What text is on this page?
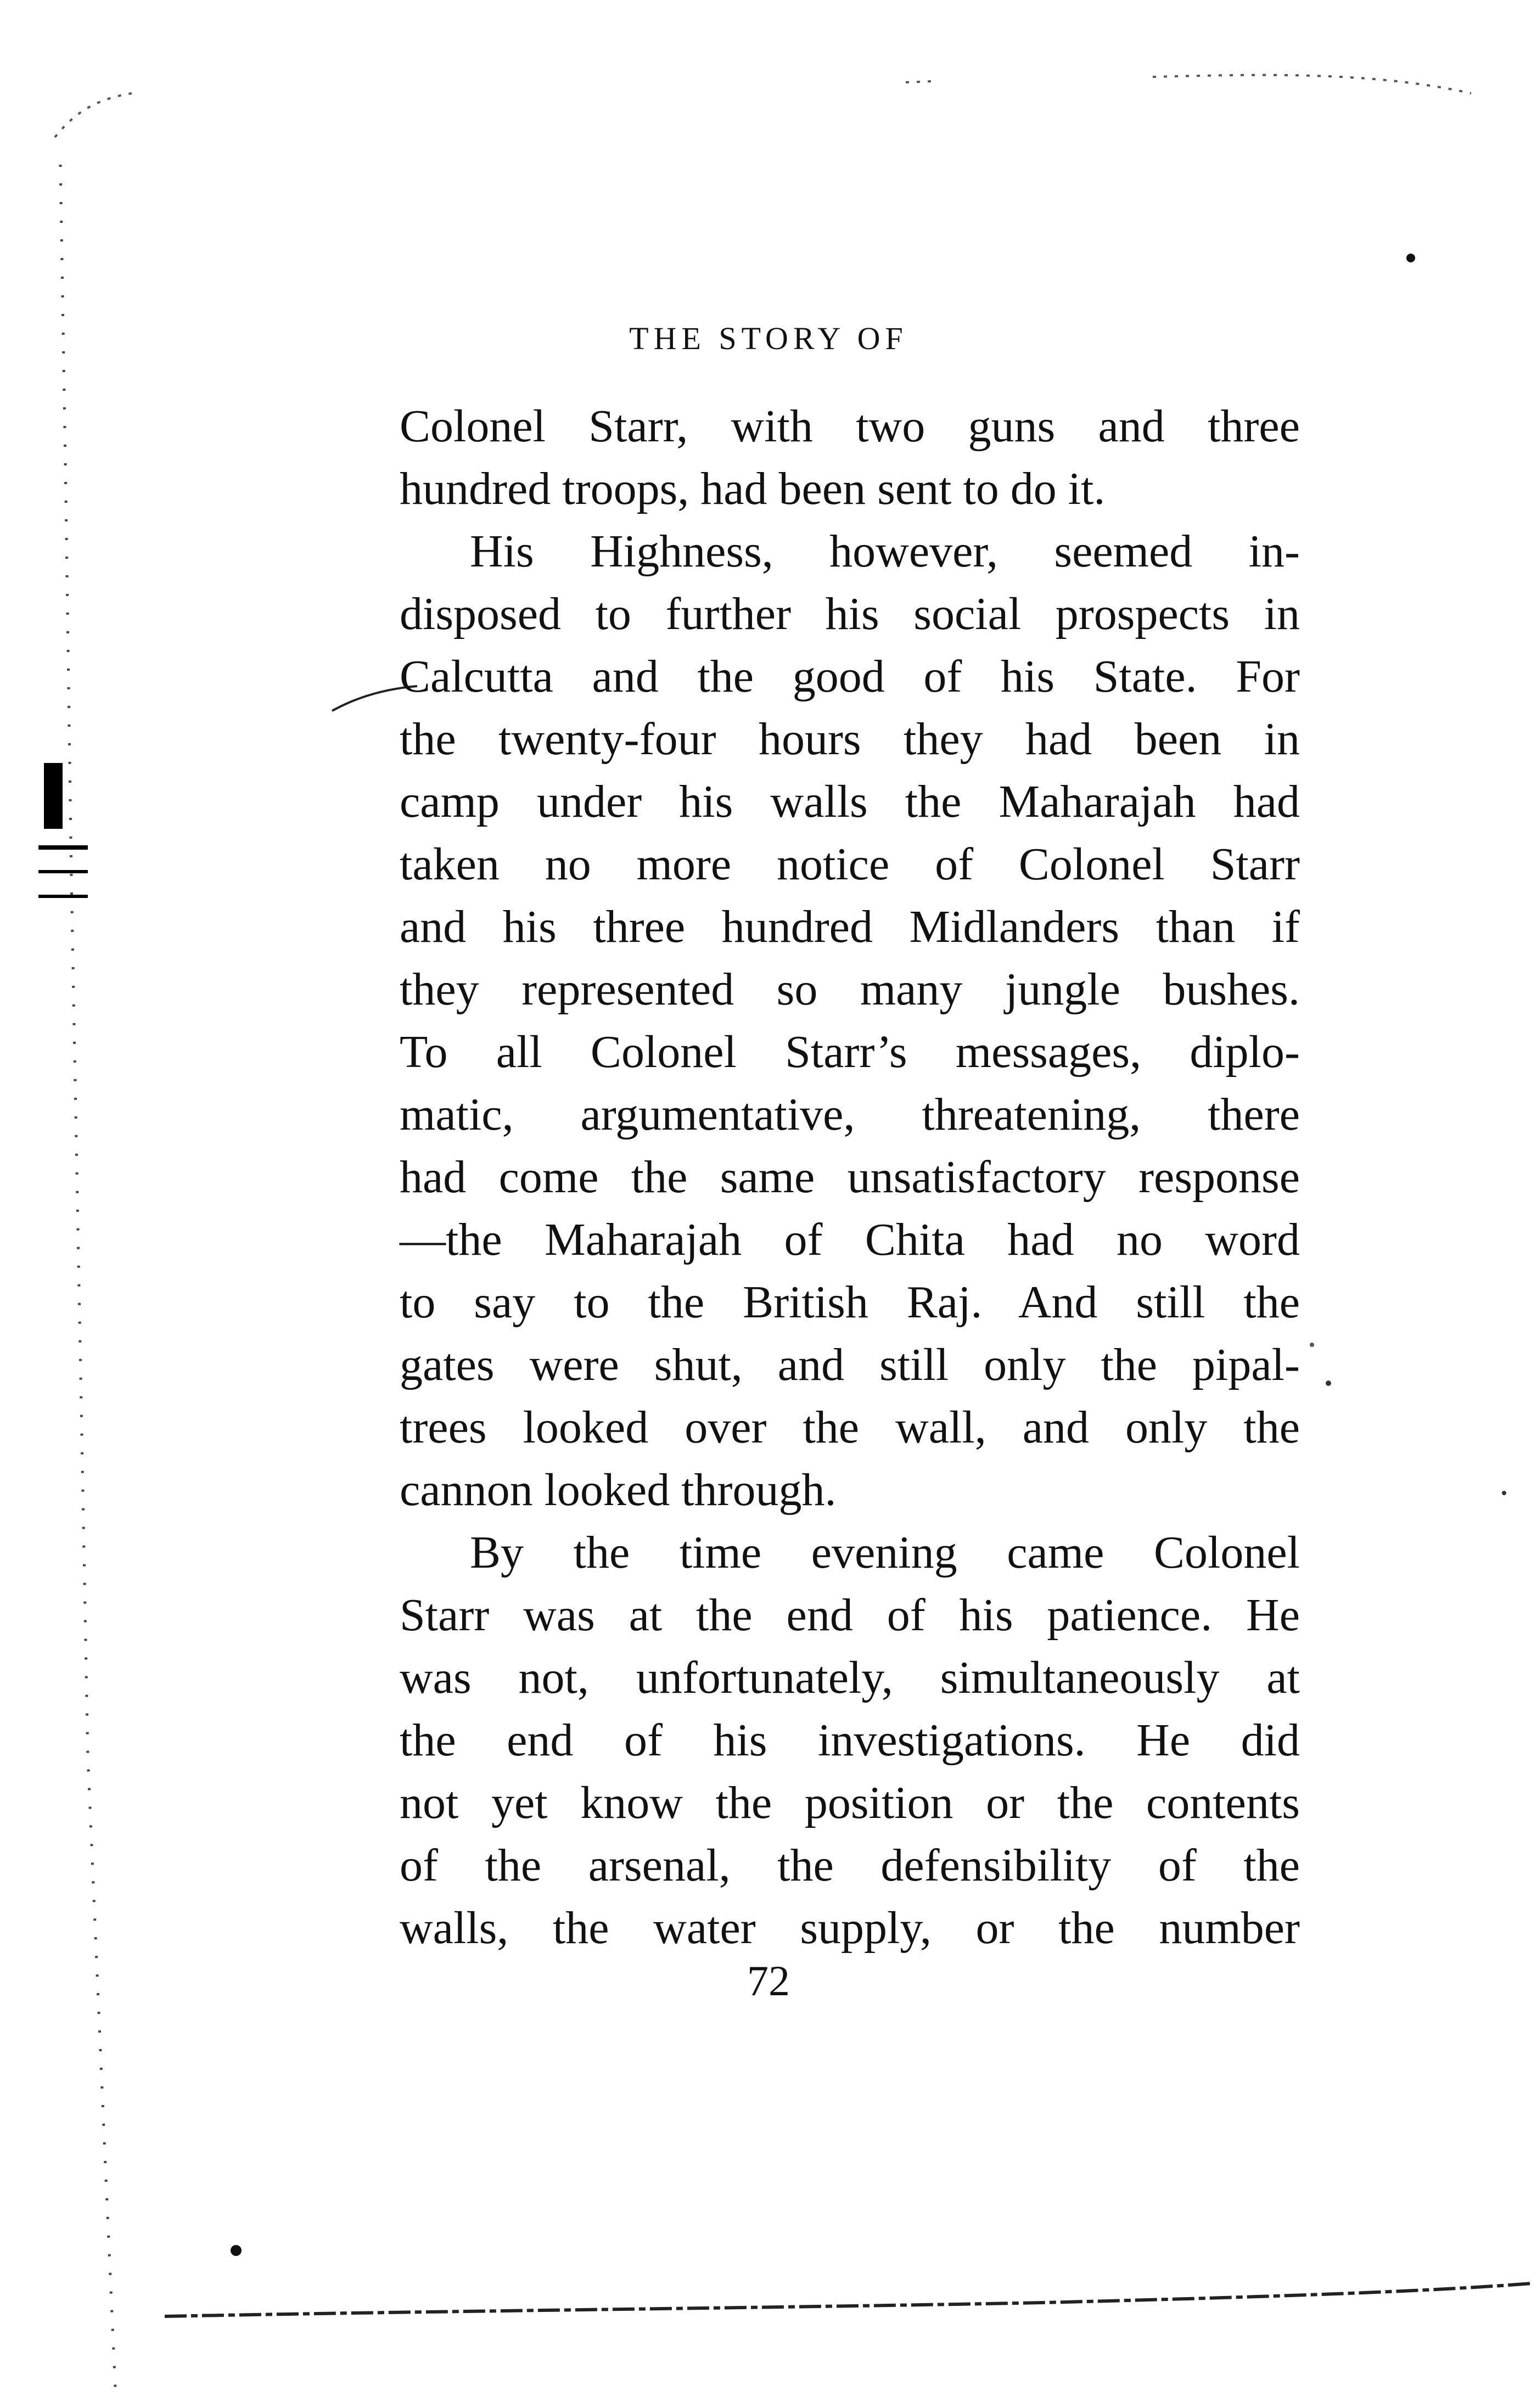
THE STORY OF
Colonel Starr, with two guns and three
hundred troops, had been sent to do it.
His Highness, however, seemed in-
disposed to further his social prospects in
Calcutta and the good of his State. For
the twenty-four hours they had been in
camp under his walls the Maharajah had
taken no more notice of Colonel Starr
and his three hundred Midlanders than if
they represented so many jungle bushes.
To all Colonel Starr’s messages, diplo-
matic, argumentative, threatening, there
had come the same unsatisfactory response
—the Maharajah of Chita had no word
to say to the British Raj. And still the
gates were shut, and still only the pipal-
trees looked over the wall, and only the
cannon looked through.
By the time evening came Colonel
Starr was at the end of his patience. He
was not, unfortunately, simultaneously at
the end of his investigations. He did
not yet know the position or the contents
of the arsenal, the defensibility of the
walls, the water supply, or the number
72
